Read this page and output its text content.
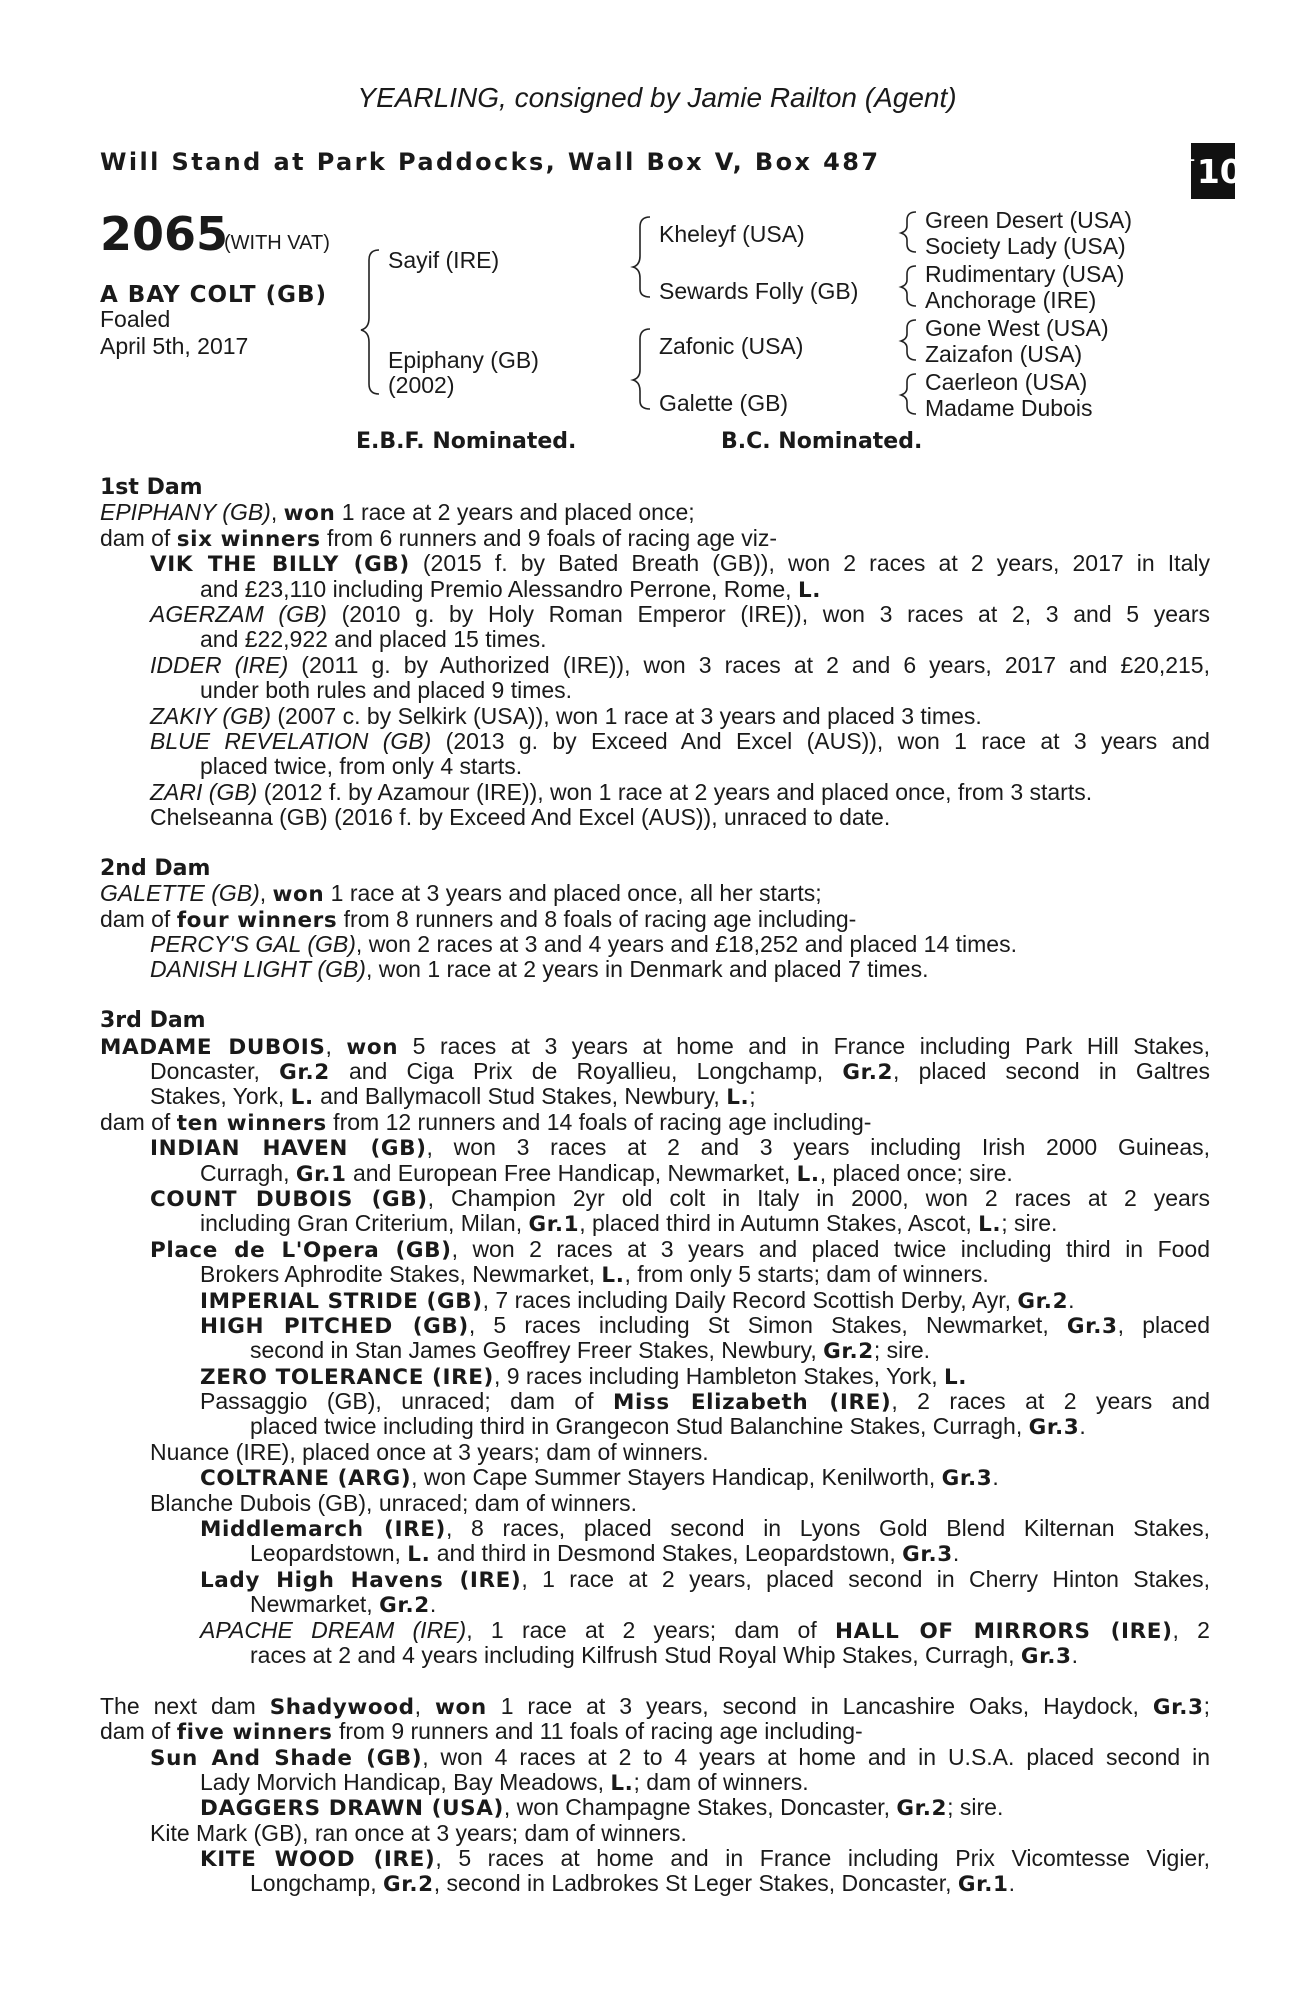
YEARLING, consigned by Jamie Railton (Agent)
Will Stand at Park Paddocks, Wall Box V, Box 487	+ 10
2065
(WITH VAT)
A BAY COLT (GB)
Foaled
April 5th, 2017
Sayif (IRE)
Epiphany (GB)
(2002)
Kheleyf (USA)
Sewards Folly (GB)
Zafonic (USA)
Galette (GB)
Green Desert (USA)
Society Lady (USA)
Rudimentary (USA)
Anchorage (IRE)
Gone West (USA)
Zaizafon (USA)
Caerleon (USA)
Madame Dubois
E.B.F. Nominated.	B.C. Nominated.
1st Dam
EPIPHANY (GB), won 1 race at 2 years and placed once;
dam of six winners from 6 runners and 9 foals of racing age viz-
VIK THE BILLY (GB) (2015 f. by Bated Breath (GB)), won 2 races at 2 years, 2017 in Italy
and £23,110 including Premio Alessandro Perrone, Rome, L.
AGERZAM (GB) (2010 g. by Holy Roman Emperor (IRE)), won 3 races at 2, 3 and 5 years
and £22,922 and placed 15 times.
IDDER (IRE) (2011 g. by Authorized (IRE)), won 3 races at 2 and 6 years, 2017 and £20,215,
under both rules and placed 9 times.
ZAKIY (GB) (2007 c. by Selkirk (USA)), won 1 race at 3 years and placed 3 times.
BLUE REVELATION (GB) (2013 g. by Exceed And Excel (AUS)), won 1 race at 3 years and
placed twice, from only 4 starts.
ZARI (GB) (2012 f. by Azamour (IRE)), won 1 race at 2 years and placed once, from 3 starts.
Chelseanna (GB) (2016 f. by Exceed And Excel (AUS)), unraced to date.
2nd Dam
GALETTE (GB), won 1 race at 3 years and placed once, all her starts;
dam of four winners from 8 runners and 8 foals of racing age including-
PERCY'S GAL (GB), won 2 races at 3 and 4 years and £18,252 and placed 14 times.
DANISH LIGHT (GB), won 1 race at 2 years in Denmark and placed 7 times.
3rd Dam
MADAME DUBOIS, won 5 races at 3 years at home and in France including Park Hill Stakes,
Doncaster, Gr.2 and Ciga Prix de Royallieu, Longchamp, Gr.2, placed second in Galtres
Stakes, York, L. and Ballymacoll Stud Stakes, Newbury, L.;
dam of ten winners from 12 runners and 14 foals of racing age including-
INDIAN HAVEN (GB), won 3 races at 2 and 3 years including Irish 2000 Guineas,
Curragh, Gr.1 and European Free Handicap, Newmarket, L., placed once; sire.
COUNT DUBOIS (GB), Champion 2yr old colt in Italy in 2000, won 2 races at 2 years
including Gran Criterium, Milan, Gr.1, placed third in Autumn Stakes, Ascot, L.; sire.
Place de L'Opera (GB), won 2 races at 3 years and placed twice including third in Food
Brokers Aphrodite Stakes, Newmarket, L., from only 5 starts; dam of winners.
IMPERIAL STRIDE (GB), 7 races including Daily Record Scottish Derby, Ayr, Gr.2.
HIGH PITCHED (GB), 5 races including St Simon Stakes, Newmarket, Gr.3, placed
second in Stan James Geoffrey Freer Stakes, Newbury, Gr.2; sire.
ZERO TOLERANCE (IRE), 9 races including Hambleton Stakes, York, L.
Passaggio (GB), unraced; dam of Miss Elizabeth (IRE), 2 races at 2 years and
placed twice including third in Grangecon Stud Balanchine Stakes, Curragh, Gr.3.
Nuance (IRE), placed once at 3 years; dam of winners.
COLTRANE (ARG), won Cape Summer Stayers Handicap, Kenilworth, Gr.3.
Blanche Dubois (GB), unraced; dam of winners.
Middlemarch (IRE), 8 races, placed second in Lyons Gold Blend Kilternan Stakes,
Leopardstown, L. and third in Desmond Stakes, Leopardstown, Gr.3.
Lady High Havens (IRE), 1 race at 2 years, placed second in Cherry Hinton Stakes,
Newmarket, Gr.2.
APACHE DREAM (IRE), 1 race at 2 years; dam of HALL OF MIRRORS (IRE), 2
races at 2 and 4 years including Kilfrush Stud Royal Whip Stakes, Curragh, Gr.3.
The next dam Shadywood, won 1 race at 3 years, second in Lancashire Oaks, Haydock, Gr.3;
dam of five winners from 9 runners and 11 foals of racing age including-
Sun And Shade (GB), won 4 races at 2 to 4 years at home and in U.S.A. placed second in
Lady Morvich Handicap, Bay Meadows, L.; dam of winners.
DAGGERS DRAWN (USA), won Champagne Stakes, Doncaster, Gr.2; sire.
Kite Mark (GB), ran once at 3 years; dam of winners.
KITE WOOD (IRE), 5 races at home and in France including Prix Vicomtesse Vigier,
Longchamp, Gr.2, second in Ladbrokes St Leger Stakes, Doncaster, Gr.1.
